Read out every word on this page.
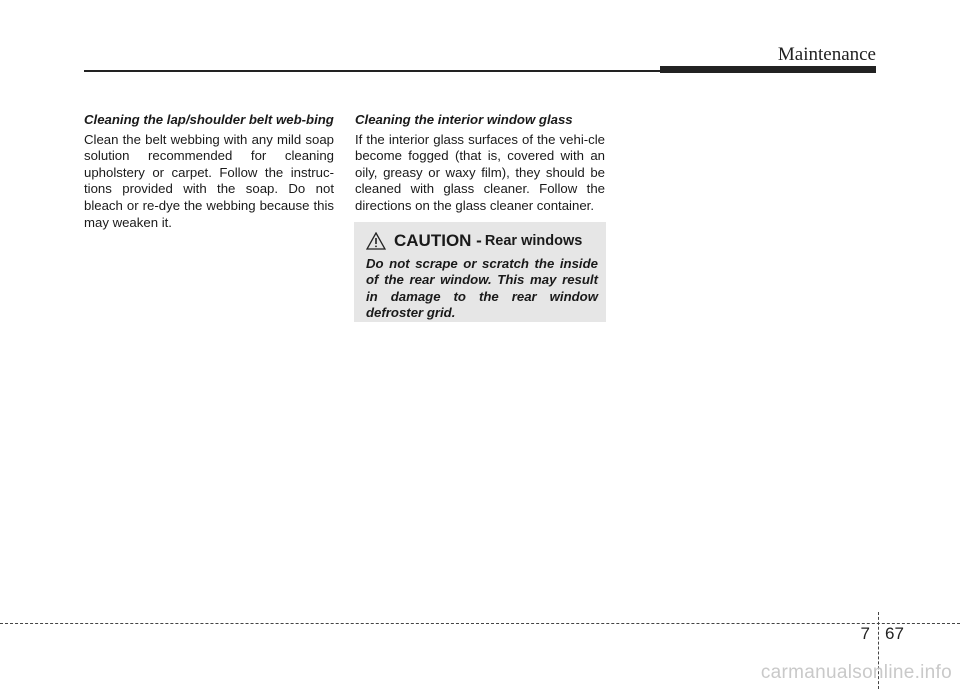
Maintenance

Cleaning the lap/shoulder belt web-bing

Clean the belt webbing with any mild soap solution recommended for cleaning upholstery or carpet. Follow the instruc-tions provided with the soap. Do not bleach or re-dye the webbing because this may weaken it.

Cleaning the interior window glass

If the interior glass surfaces of the vehi-cle become fogged (that is, covered with an oily, greasy or waxy film), they should be cleaned with glass cleaner. Follow the directions on the glass cleaner container.

CAUTION - Rear windows

Do not scrape or scratch the inside of the rear window. This may result in damage to the rear window defroster grid.

7 67
carmanualsonline.info
